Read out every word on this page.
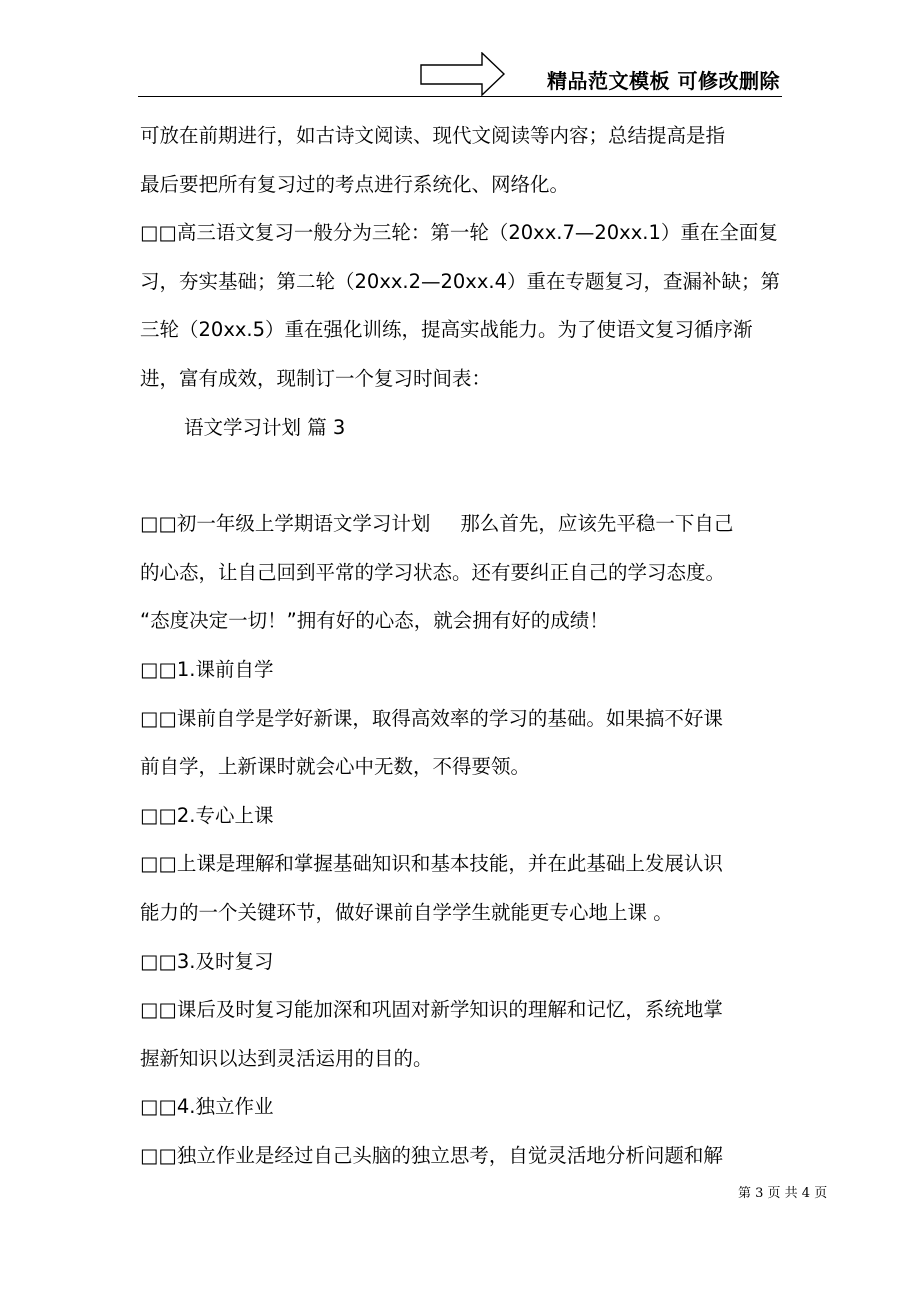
精品范文模板 可修改删除

可放在前期进行，如古诗文阅读、现代文阅读等内容；总结提高是指

最后要把所有复习过的考点进行系统化、网络化。

□□高三语文复习一般分为三轮：第一轮（20xx.7—20xx.1）重在全面复

习，夯实基础；第二轮（20xx.2—20xx.4）重在专题复习，查漏补缺；第

三轮（20xx.5）重在强化训练，提高实战能力。为了使语文复习循序渐

进，富有成效，现制订一个复习时间表：

语文学习计划 篇 3

□□初一年级上学期语文学习计划 那么首先，应该先平稳一下自己

的心态，让自己回到平常的学习状态。还有要纠正自己的学习态度。

“态度决定一切！”拥有好的心态，就会拥有好的成绩！

□□1.课前自学

□□课前自学是学好新课，取得高效率的学习的基础。如果搞不好课

前自学，上新课时就会心中无数，不得要领。

□□2.专心上课

□□上课是理解和掌握基础知识和基本技能，并在此基础上发展认识

能力的一个关键环节，做好课前自学学生就能更专心地上课 。

□□3.及时复习

□□课后及时复习能加深和巩固对新学知识的理解和记忆，系统地掌

握新知识以达到灵活运用的目的。

□□4.独立作业

□□独立作业是经过自己头脑的独立思考，自觉灵活地分析问题和解

第 3 页 共 4 页
